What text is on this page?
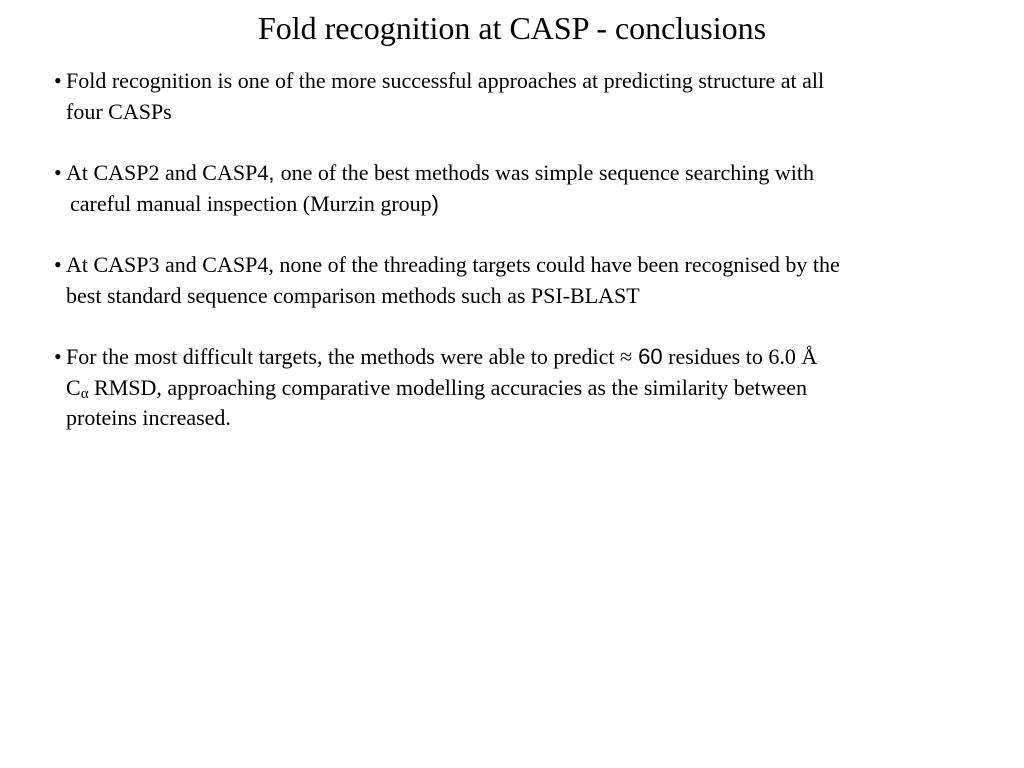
Fold recognition at CASP - conclusions
• Fold recognition is one of the more successful approaches at predicting structure at all
four CASPs
• At CASP2 and CASP4, one of the best methods was simple sequence searching with
careful manual inspection (Murzin group)
• At CASP3 and CASP4, none of the threading targets could have been recognised by the
best standard sequence comparison methods such as PSI-BLAST
• For the most difficult targets, the methods were able to predict ≈ 60 residues to 6.0 Å
$C_\alpha$ RMSD, approaching comparative modelling accuracies as the similarity between
proteins increased.
